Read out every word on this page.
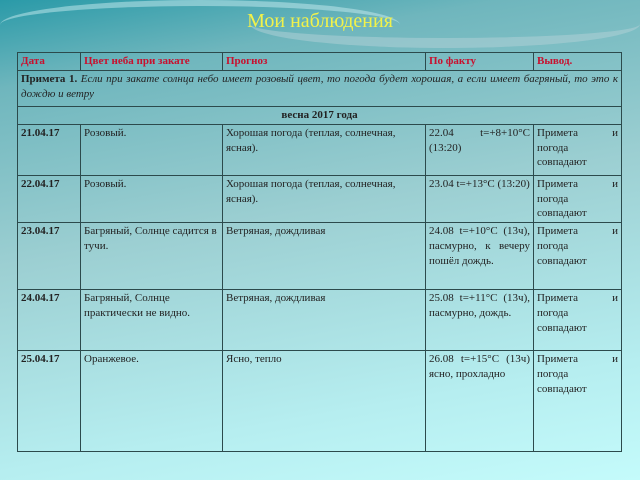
Мои наблюдения
Дата	Цвет неба при закате	Прогноз	По факту	Вывод.
Примета 1. Если при закате солнца небо имеет розовый цвет, то погода будет хорошая, а если имеет багряный, то это к дождю и ветру				
весна 2017 года				
21.04.17	Розовый.	Хорошая погода (теплая, солнечная, ясная).	22.04 t=+8+10°С (13:20)	Примета и погода совпадают
22.04.17	Розовый.	Хорошая погода (теплая, солнечная, ясная).	23.04 t=+13°С (13:20)	Примета и погода совпадают
23.04.17	Багряный, Солнце садится в тучи.	Ветряная, дождливая	24.08 t=+10°С (13ч), пасмурно, к вечеру пошёл дождь.	Примета и погода совпадают
24.04.17	Багряный, Солнце практически не видно.	Ветряная, дождливая	25.08 t=+11°С (13ч), пасмурно, дождь.	Примета и погода совпадают
25.04.17	Оранжевое.	Ясно, тепло	26.08 t=+15°С (13ч) ясно, прохладно	Примета и погода совпадают
